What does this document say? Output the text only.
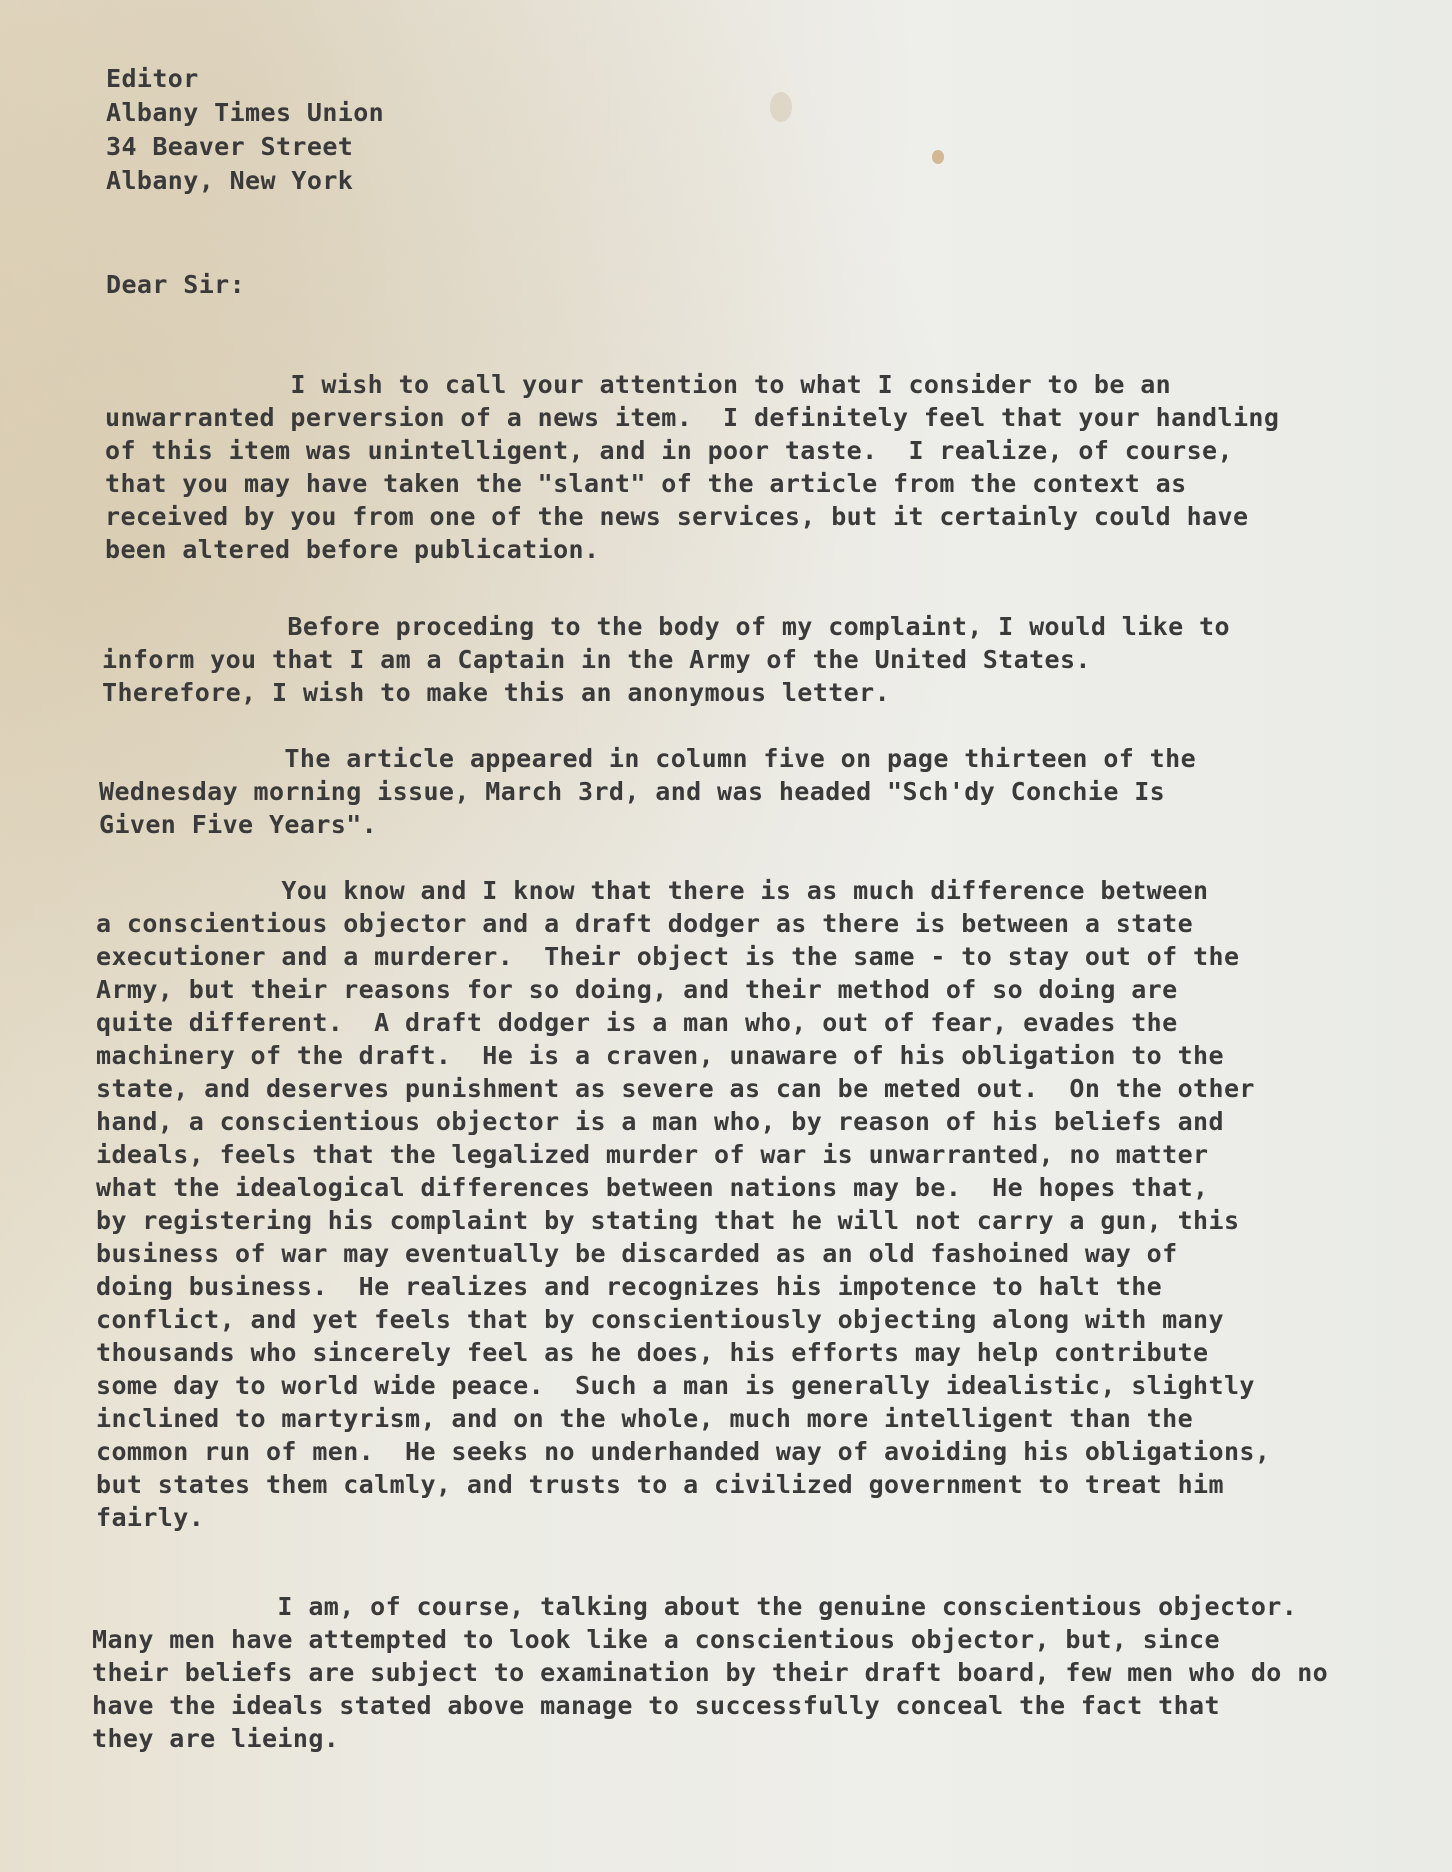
Editor
Albany Times Union
34 Beaver Street
Albany, New York
Dear Sir:
I wish to call your attention to what I consider to be an
unwarranted perversion of a news item.  I definitely feel that your handling
of this item was unintelligent, and in poor taste.  I realize, of course,
that you may have taken the "slant" of the article from the context as
received by you from one of the news services, but it certainly could have
been altered before publication.
Before proceding to the body of my complaint, I would like to
inform you that I am a Captain in the Army of the United States.
Therefore, I wish to make this an anonymous letter.
The article appeared in column five on page thirteen of the
Wednesday morning issue, March 3rd, and was headed "Sch'dy Conchie Is
Given Five Years".
You know and I know that there is as much difference between
a conscientious objector and a draft dodger as there is between a state
executioner and a murderer.  Their object is the same - to stay out of the
Army, but their reasons for so doing, and their method of so doing are
quite different.  A draft dodger is a man who, out of fear, evades the
machinery of the draft.  He is a craven, unaware of his obligation to the
state, and deserves punishment as severe as can be meted out.  On the other
hand, a conscientious objector is a man who, by reason of his beliefs and
ideals, feels that the legalized murder of war is unwarranted, no matter
what the idealogical differences between nations may be.  He hopes that,
by registering his complaint by stating that he will not carry a gun, this
business of war may eventually be discarded as an old fashoined way of
doing business.  He realizes and recognizes his impotence to halt the
conflict, and yet feels that by conscientiously objecting along with many
thousands who sincerely feel as he does, his efforts may help contribute
some day to world wide peace.  Such a man is generally idealistic, slightly
inclined to martyrism, and on the whole, much more intelligent than the
common run of men.  He seeks no underhanded way of avoiding his obligations,
but states them calmly, and trusts to a civilized government to treat him
fairly.
I am, of course, talking about the genuine conscientious objector.
Many men have attempted to look like a conscientious objector, but, since
their beliefs are subject to examination by their draft board, few men who do no
have the ideals stated above manage to successfully conceal the fact that
they are lieing.
